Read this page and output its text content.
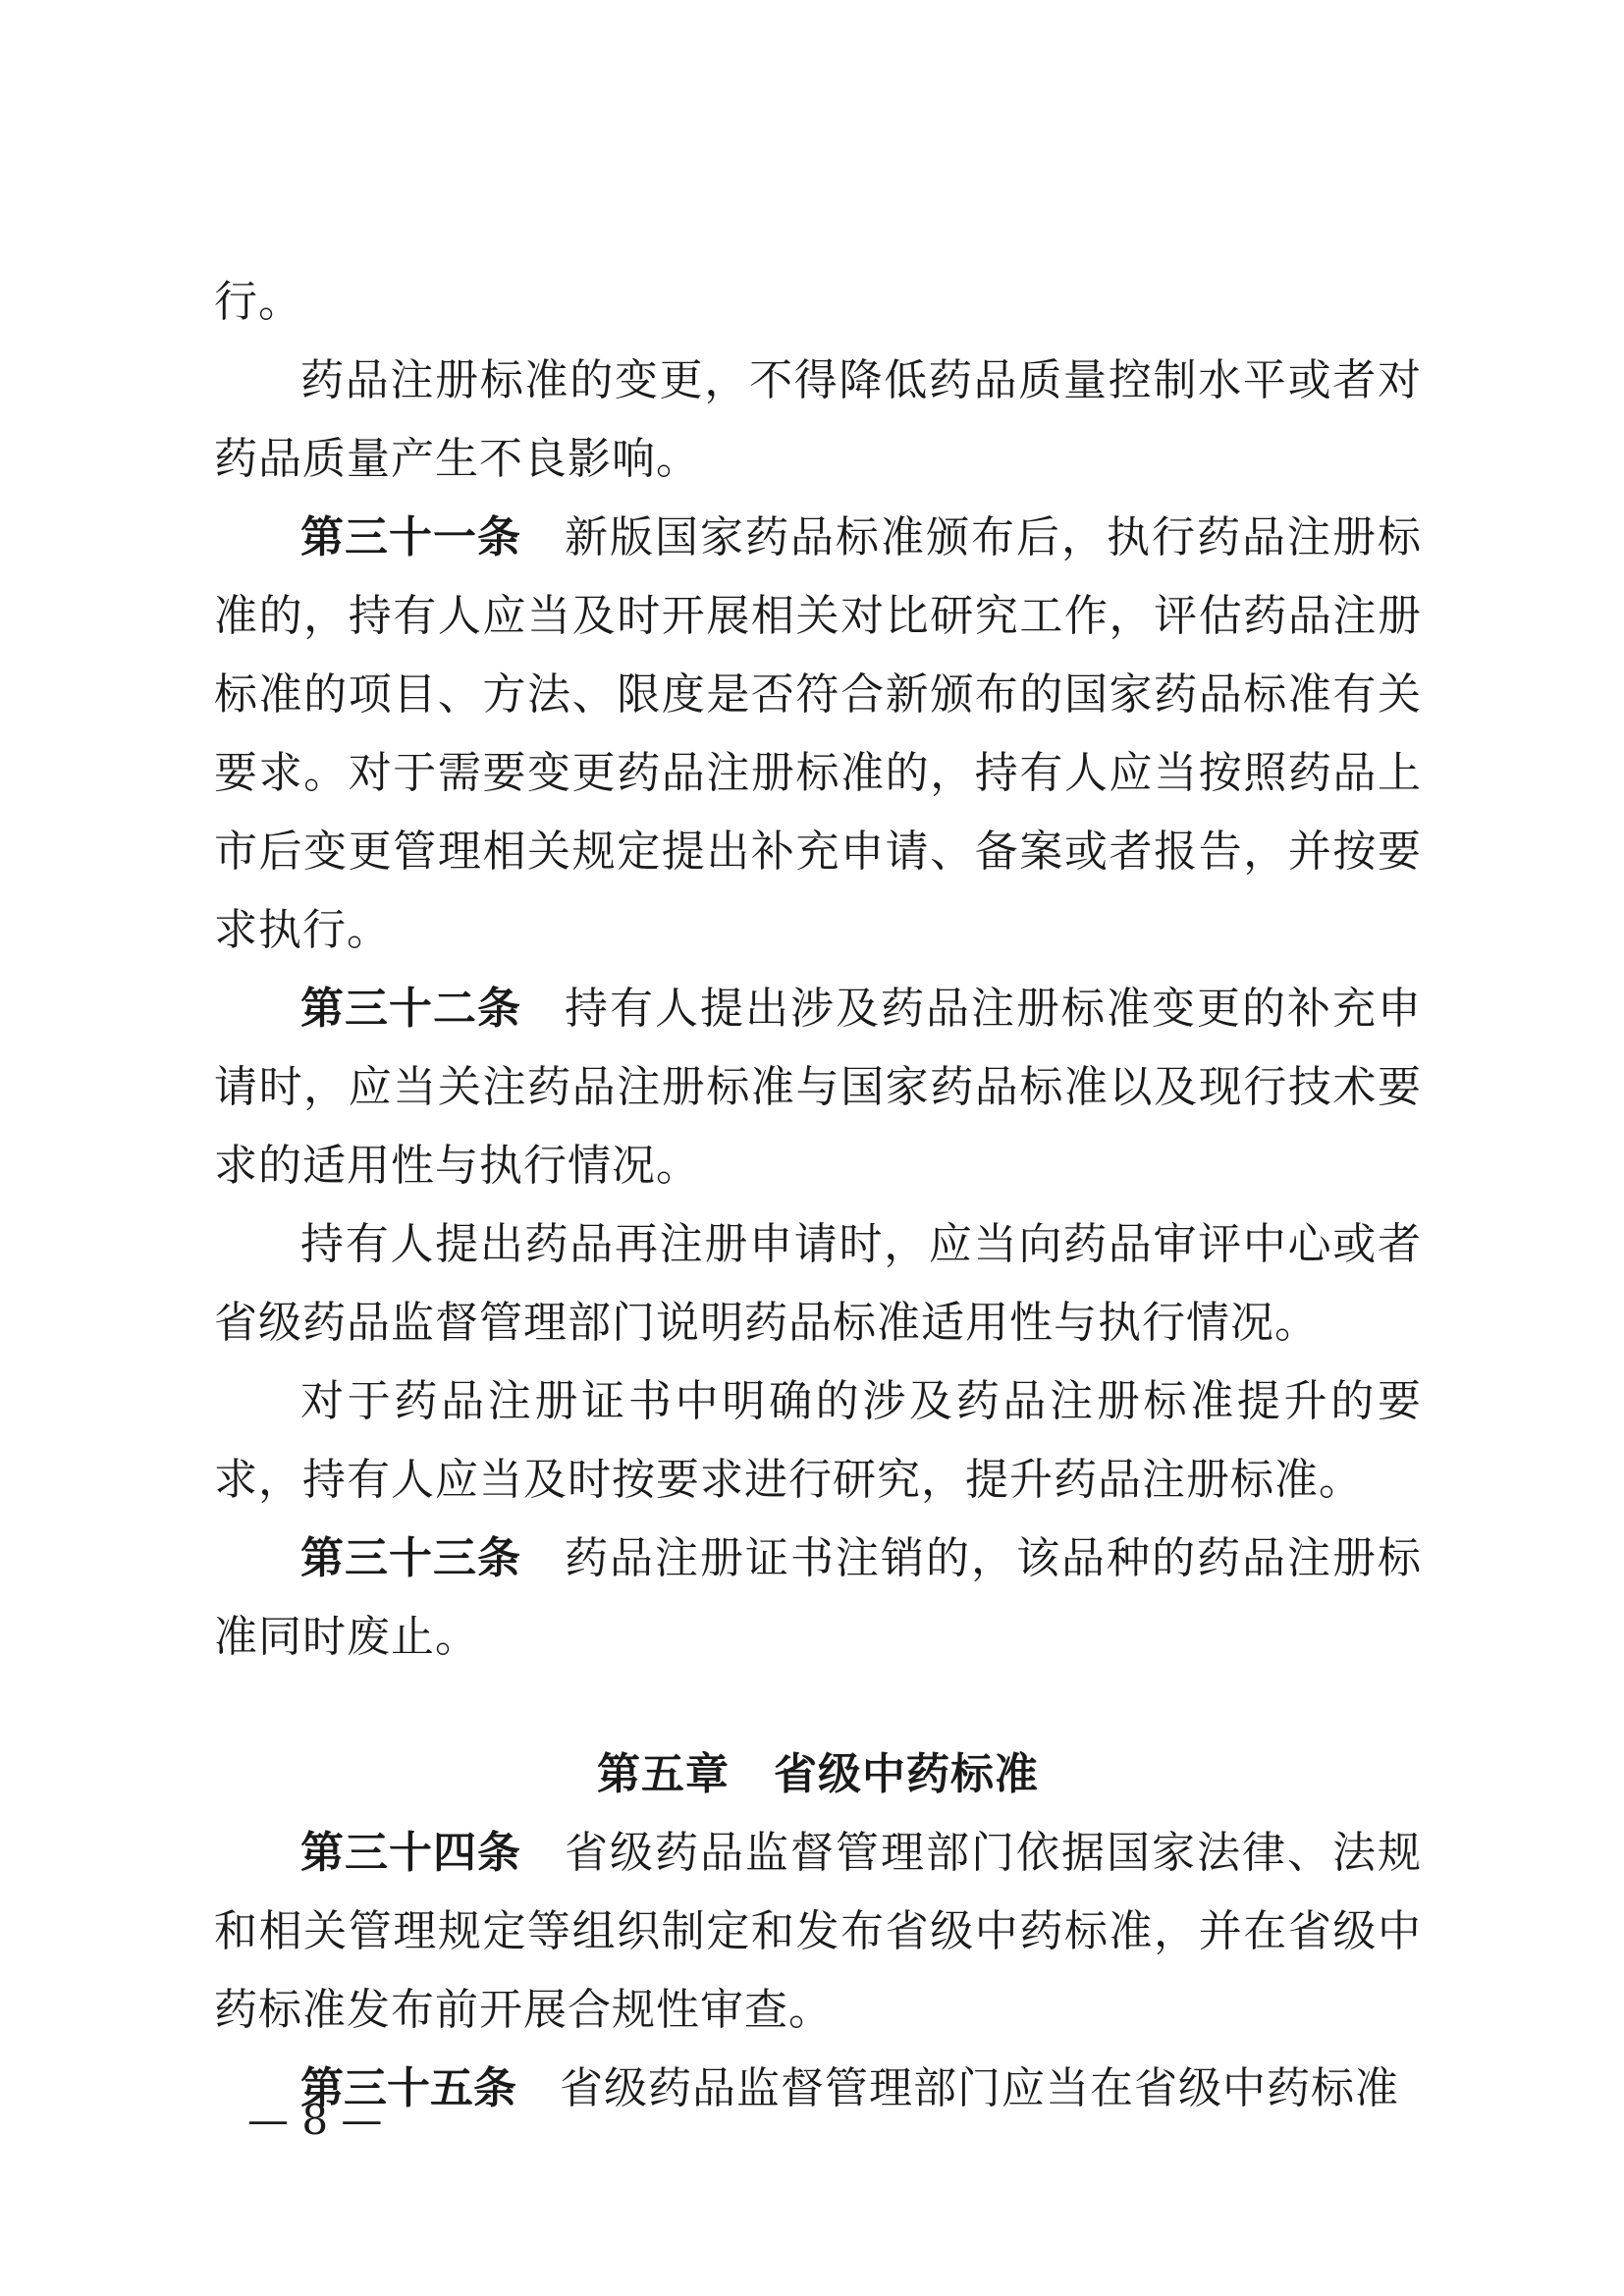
行。

药品注册标准的变更，不得降低药品质量控制水平或者对药品质量产生不良影响。

第三十一条 新版国家药品标准颁布后，执行药品注册标准的，持有人应当及时开展相关对比研究工作，评估药品注册标准的项目、方法、限度是否符合新颁布的国家药品标准有关要求。对于需要变更药品注册标准的，持有人应当按照药品上市后变更管理相关规定提出补充申请、备案或者报告，并按要求执行。

第三十二条 持有人提出涉及药品注册标准变更的补充申请时，应当关注药品注册标准与国家药品标准以及现行技术要求的适用性与执行情况。

持有人提出药品再注册申请时，应当向药品审评中心或者省级药品监督管理部门说明药品标准适用性与执行情况。

对于药品注册证书中明确的涉及药品注册标准提升的要求，持有人应当及时按要求进行研究，提升药品注册标准。

第三十三条 药品注册证书注销的，该品种的药品注册标准同时废止。

第五章　省级中药标准

第三十四条 省级药品监督管理部门依据国家法律、法规和相关管理规定等组织制定和发布省级中药标准，并在省级中药标准发布前开展合规性审查。

第三十五条 省级药品监督管理部门应当在省级中药标准

— 8 —
